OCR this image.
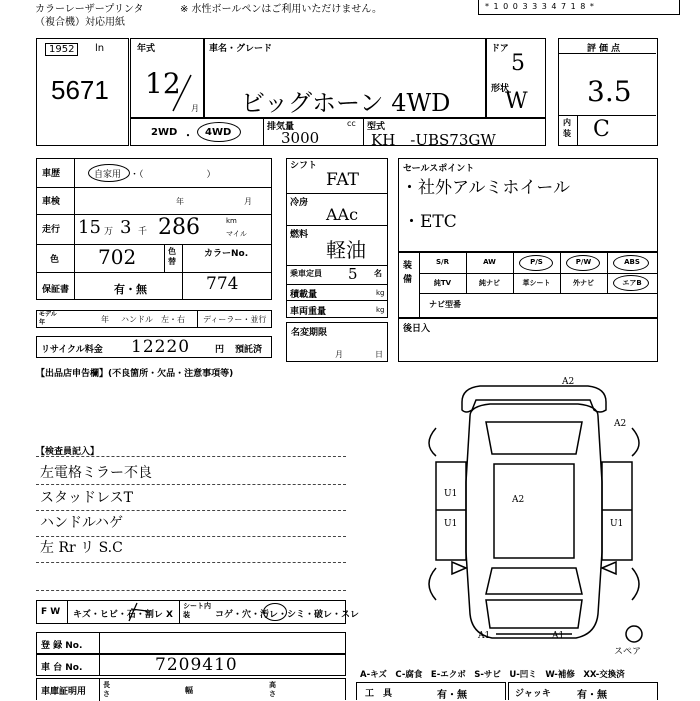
カラーレーザープリンタ
（複合機）対応用紙
※ 水性ボールペンはご利用いただけません。	* 1 0 0 3 3 3 4 7 1 8 *
1952	ln
5671
年式
12
月
車名・グレード
ビッグホーン 4WD
ドア
5
形状
W
評価点
3.5
内装 C
2WD ・ 4WD	排気量	cc
3000
型式
KH　-UBS73GW
車歴	自家用 ・（　　　　　　　）
車検	年	月
走行 15 万 3 千 286	km
マイル
色 702	色替
カラーNo.
774
保証書	有・無
モデル年	年 ハンドル　左・右 ディーラー・並行
リサイクル料金 12220	円 預託済
シフト
FAT
冷房
AAc
燃料
軽油
乗車定員 5 名
積載量	kg
車両重量	kg
名変期限
月	日
セールスポイント
・社外アルミホイール
・ETC
装備
S/R	AW	P/S	P/W	ABS
純TV	純ナビ	革シート	外ナビ	エアB
ナビ型番
後日入
【出品店申告欄】(不良箇所・欠品・注意事項等)
【検査員記入】
左電格ミラー不良
スタッドレスT
ハンドルハゲ
左 Rr リ S.C
F W キズ・ヒビ・石・割レ X
シート内装	コゲ・穴・汚レ・シミ・破レ・スレ
登 録 No.
車 台 No.	7209410
車庫証明用
長さ	幅
高さ
A-キズ　C-腐食　E-エクボ　S-サビ　U-凹ミ　W-補修　XX-交換済
工　具	有・無	ジャッキ	有・無
A2
A2
U1
U1	U1
A1	A1
A2
スペア
